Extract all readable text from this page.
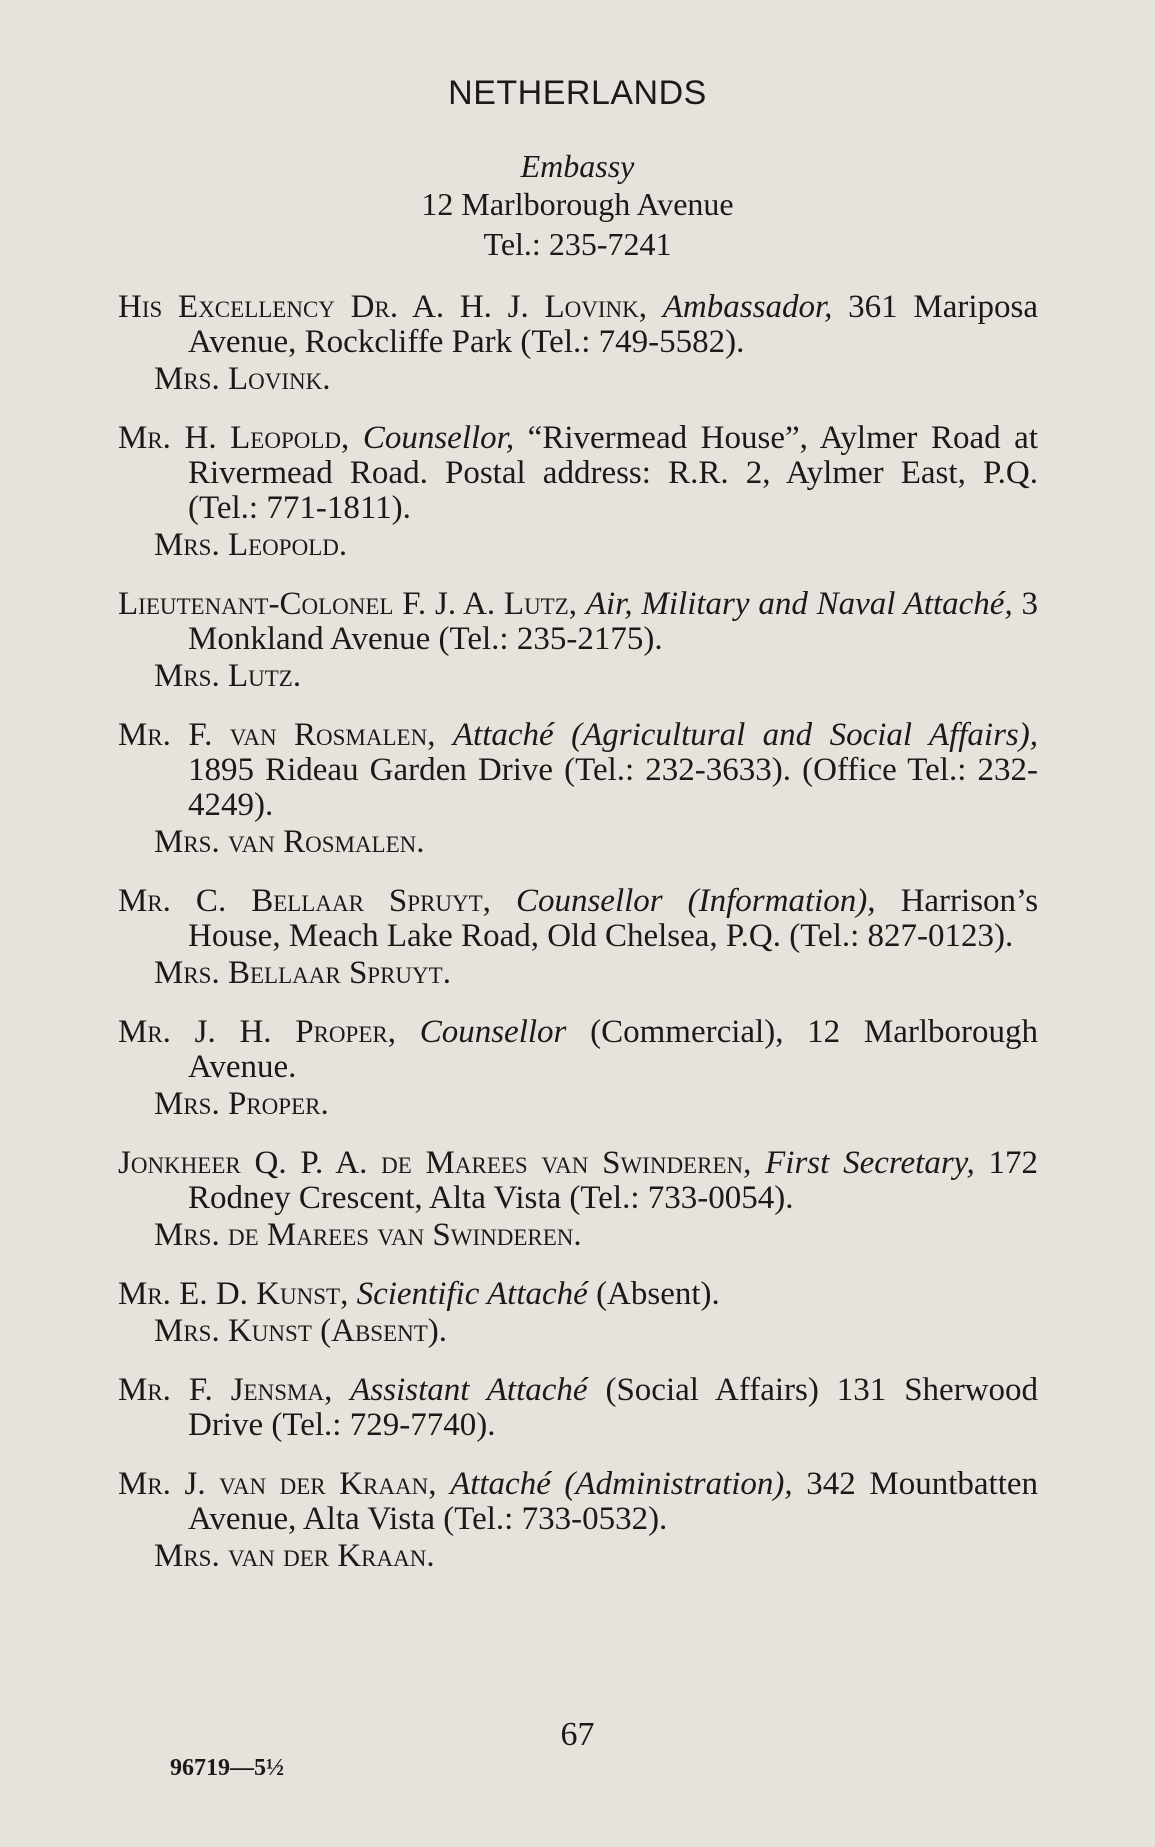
NETHERLANDS
Embassy
12 Marlborough Avenue
Tel.: 235-7241
His Excellency Dr. A. H. J. Lovink, Ambassador, 361 Mariposa Avenue, Rockcliffe Park (Tel.: 749-5582).
Mrs. Lovink.
Mr. H. Leopold, Counsellor, “Rivermead House”, Aylmer Road at Rivermead Road. Postal address: R.R. 2, Aylmer East, P.Q. (Tel.: 771-1811).
Mrs. Leopold.
Lieutenant-Colonel F. J. A. Lutz, Air, Military and Naval Attaché, 3 Monkland Avenue (Tel.: 235-2175).
Mrs. Lutz.
Mr. F. van Rosmalen, Attaché (Agricultural and Social Affairs), 1895 Rideau Garden Drive (Tel.: 232-3633). (Office Tel.: 232-4249).
Mrs. van Rosmalen.
Mr. C. Bellaar Spruyt, Counsellor (Information), Harrison’s House, Meach Lake Road, Old Chelsea, P.Q. (Tel.: 827-0123).
Mrs. Bellaar Spruyt.
Mr. J. H. Proper, Counsellor (Commercial), 12 Marlborough Avenue.
Mrs. Proper.
Jonkheer Q. P. A. de Marees van Swinderen, First Secretary, 172 Rodney Crescent, Alta Vista (Tel.: 733-0054).
Mrs. de Marees van Swinderen.
Mr. E. D. Kunst, Scientific Attaché (Absent).
Mrs. Kunst (Absent).
Mr. F. Jensma, Assistant Attaché (Social Affairs) 131 Sherwood Drive (Tel.: 729-7740).
Mr. J. van der Kraan, Attaché (Administration), 342 Mountbatten Avenue, Alta Vista (Tel.: 733-0532).
Mrs. van der Kraan.
67
96719—5½
